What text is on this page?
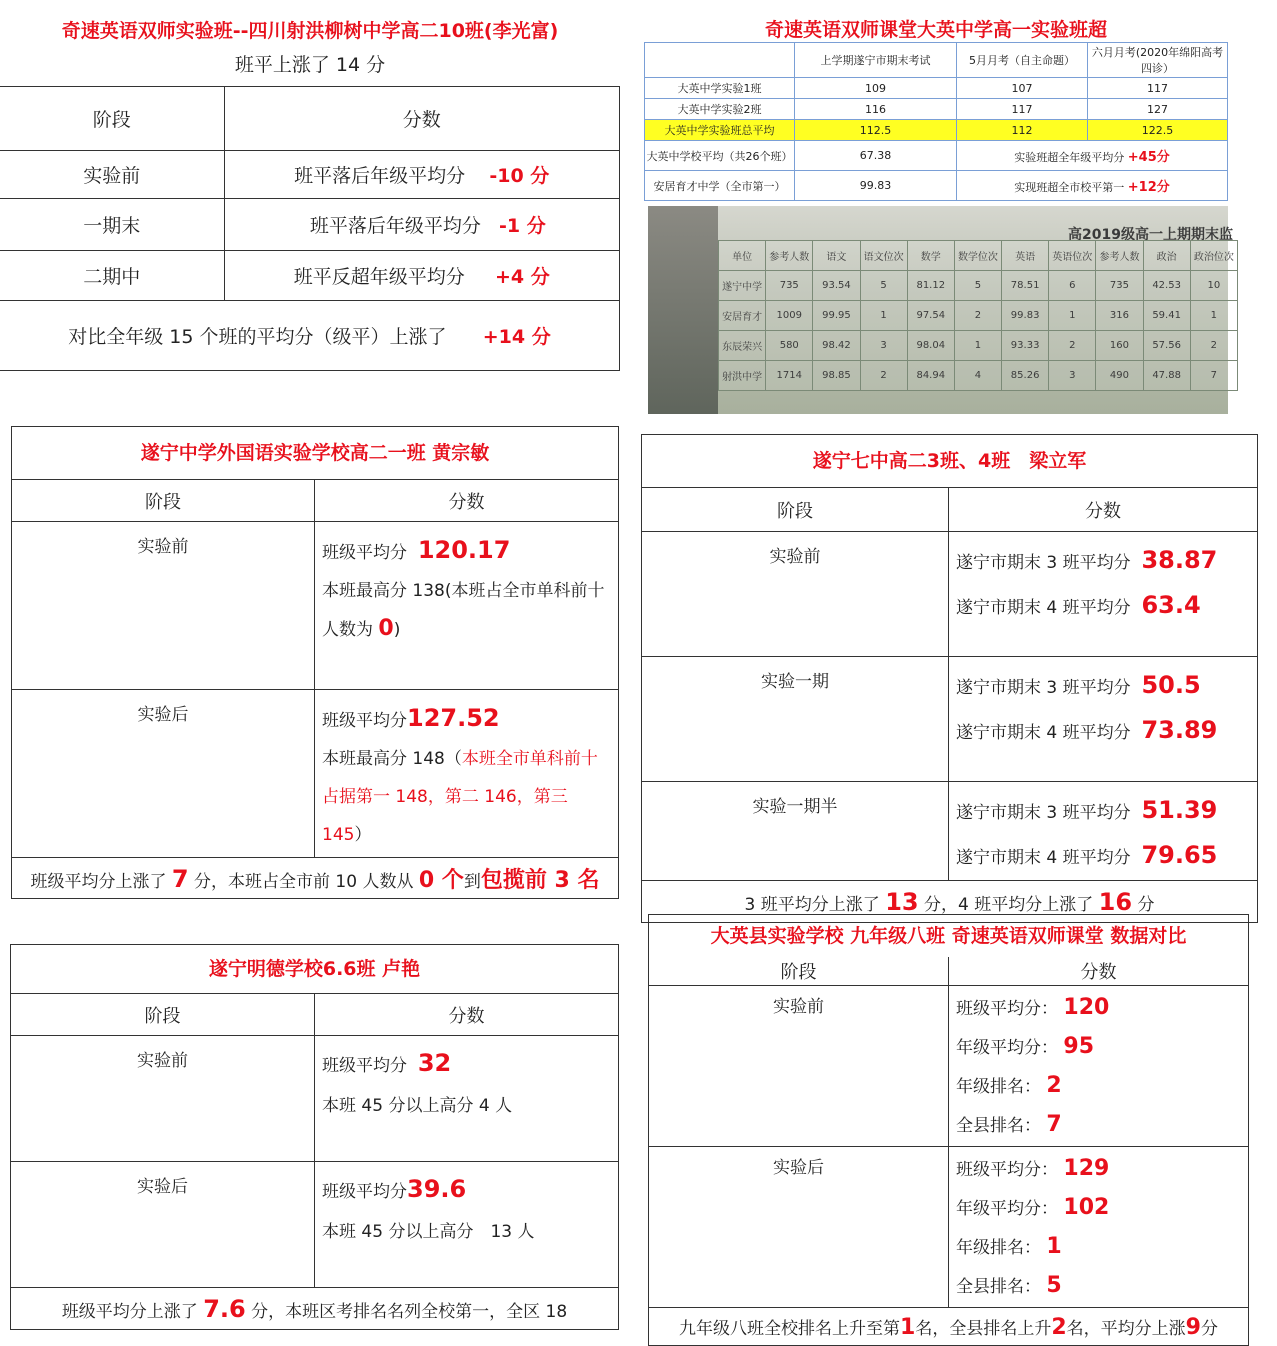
奇速英语双师实验班--四川射洪柳树中学高二10班(李光富)
班平上涨了 14 分
阶段	分数
实验前	班平落后年级平均分 -10 分
一期末	班平落后年级平均分 -1 分
二期中	班平反超年级平均分 +4 分
对比全年级 15 个班的平均分（级平）上涨了 +14 分	
奇速英语双师课堂大英中学高一实验班超
	上学期遂宁市期末考试	5月月考（自主命题）	六月月考(2020年绵阳高考四诊）
大英中学实验1班	109	107	117
大英中学实验2班	116	117	127
大英中学实验班总平均	112.5	112	122.5
大英中学校平均（共26个班）	67.38	实验班超全年级平均分 +45分	
安居育才中学（全市第一）	99.83	实现班超全市校平第一 +12分	
高2019级高一上期期末监
单位	参考人数	语文	语文位次	数学	数学位次	英语	英语位次	参考人数	政治	政治位次
遂宁中学	735	93.54	5	81.12	5	78.51	6	735	42.53	10
安居育才	1009	99.95	1	97.54	2	99.83	1	316	59.41	1
东辰荣兴	580	98.42	3	98.04	1	93.33	2	160	57.56	2
射洪中学	1714	98.85	2	84.94	4	85.26	3	490	47.88	7
遂宁中学外国语实验学校高二一班 黄宗敏	
阶段	分数
实验前	班级平均分 120.17
本班最高分 138(本班占全市单科前十人数为 0)

实验后	班级平均分127.52
本班最高分 148（本班全市单科前十占据第一 148，第二 146，第三 145）

班级平均分上涨了 7 分，本班占全市前 10 人数从 0 个到包揽前 3 名	
遂宁七中高二3班、4班　梁立军	
阶段	分数
实验前	遂宁市期末 3 班平均分 38.87
遂宁市期末 4 班平均分 63.4

实验一期	遂宁市期末 3 班平均分 50.5
遂宁市期末 4 班平均分 73.89

实验一期半	遂宁市期末 3 班平均分 51.39
遂宁市期末 4 班平均分 79.65

3 班平均分上涨了 13 分，4 班平均分上涨了 16 分	
遂宁明德学校6.6班 卢艳	
阶段	分数
实验前	班级平均分 32
本班 45 分以上高分 4 人

实验后	班级平均分39.6
本班 45 分以上高分　13 人

班级平均分上涨了 7.6 分，本班区考排名名列全校第一，全区 18	
大英县实验学校 九年级八班 奇速英语双师课堂 数据对比	
阶段	分数
实验前	班级平均分： 120
年级平均分： 95
年级排名： 2
全县排名： 7

实验后	班级平均分： 129
年级平均分： 102
年级排名： 1
全县排名： 5

九年级八班全校排名上升至第1名，全县排名上升2名，平均分上涨9分	
